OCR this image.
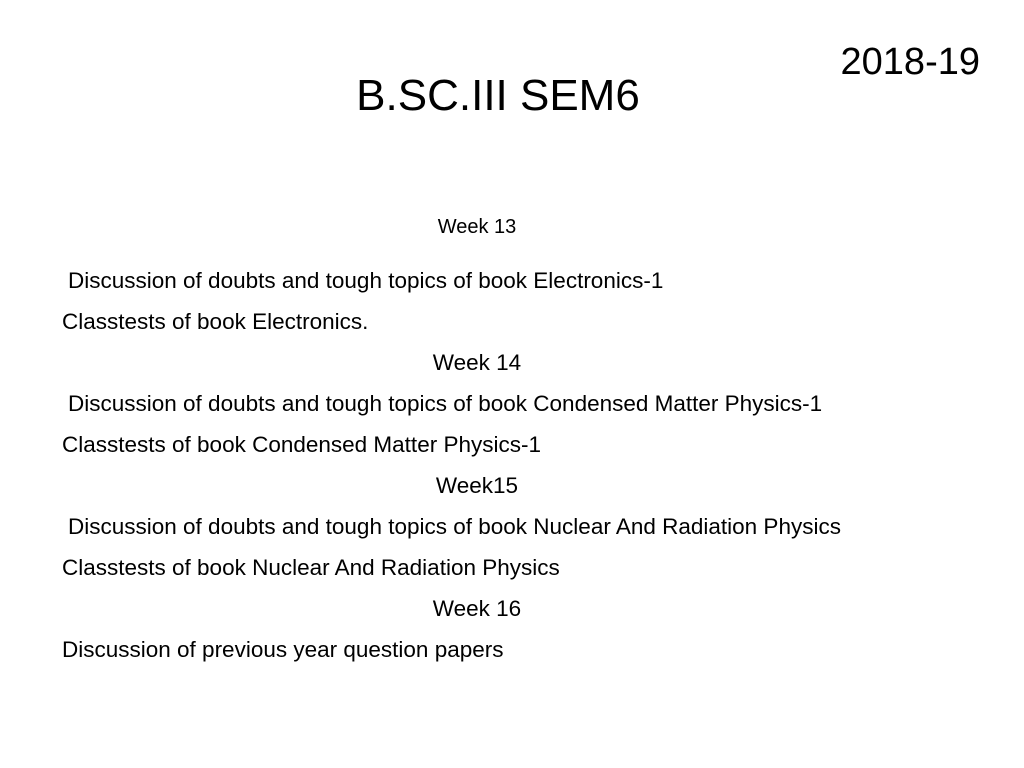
2018-19
B.SC.III SEM6
Week 13
Discussion of doubts and tough topics of book Electronics-1
Classtests of book Electronics.
Week 14
Discussion of doubts and tough topics of book Condensed Matter Physics-1
Classtests of book Condensed Matter Physics-1
Week15
Discussion of doubts and tough topics of book Nuclear And Radiation Physics
Classtests of book Nuclear And Radiation Physics
Week 16
Discussion of previous year question papers
